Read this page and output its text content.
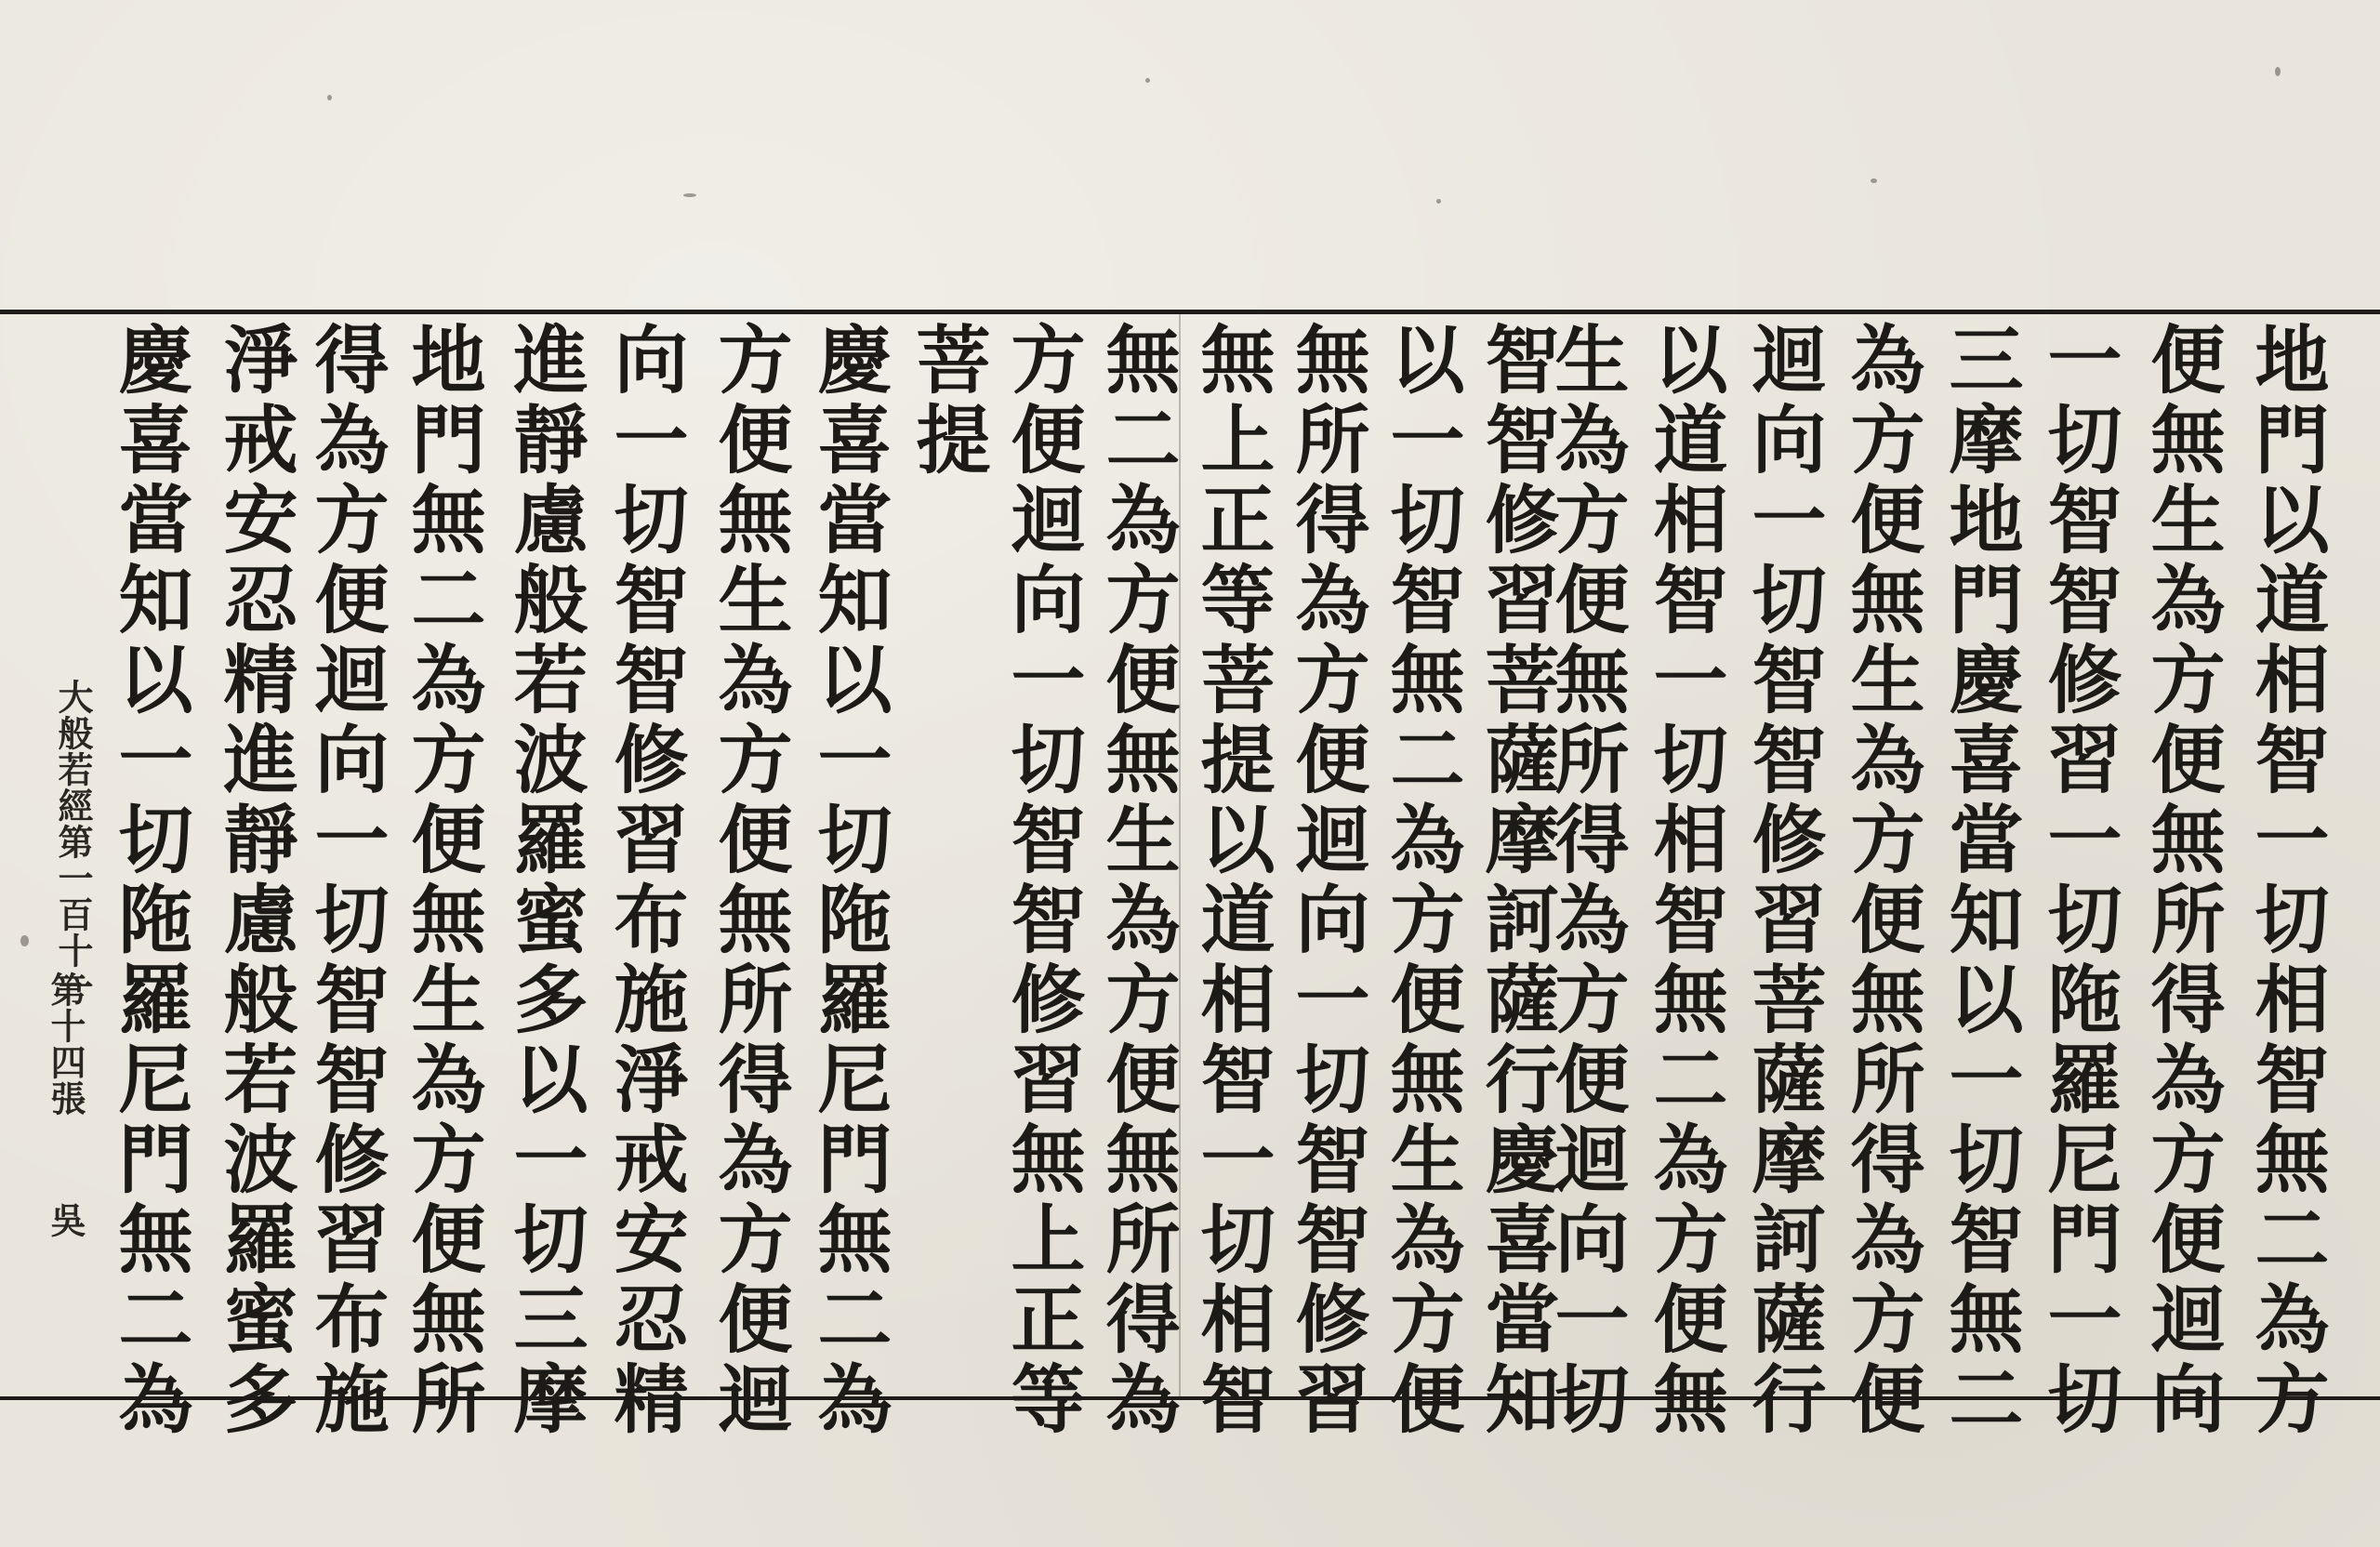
地門以道相智一切相智無二為方
便無生為方便無所得為方便迴向
一切智智修習一切陁羅尼門一切
三摩地門慶喜當知以一切智無二
為方便無生為方便無所得為方便
迴向一切智智修習菩薩摩訶薩行
以道相智一切相智無二為方便無
生為方便無所得為方便迴向一切
智智修習菩薩摩訶薩行慶喜當知
以一切智無二為方便無生為方便
無所得為方便迴向一切智智修習
無上正等菩提以道相智一切相智
無二為方便無生為方便無所得為
方便迴向一切智智修習無上正等
菩提
慶喜當知以一切陁羅尼門無二為
方便無生為方便無所得為方便迴
向一切智智修習布施淨戒安忍精
進靜慮般若波羅蜜多以一切三摩
地門無二為方便無生為方便無所
得為方便迴向一切智智修習布施
淨戒安忍精進靜慮般若波羅蜜多
慶喜當知以一切陁羅尼門無二為
大般若經第一百十一
第十四張
吳
